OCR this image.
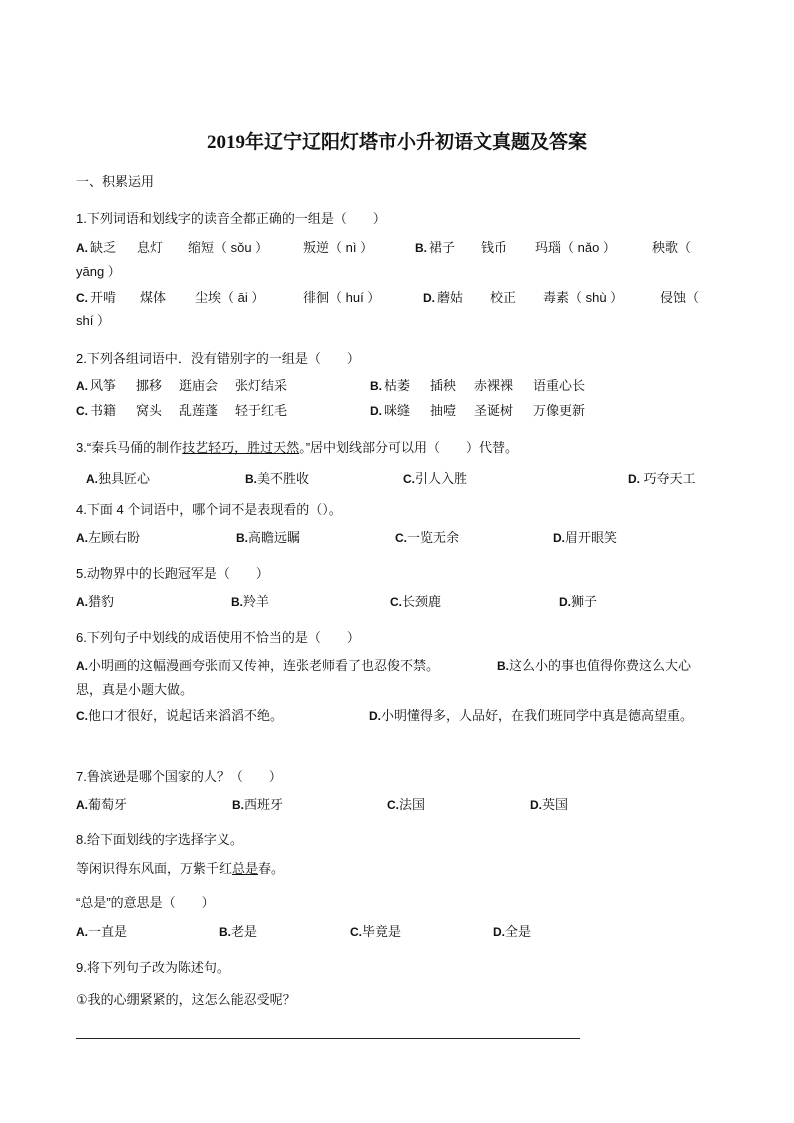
2019年辽宁辽阳灯塔市小升初语文真题及答案
一、积累运用
1.下列词语和划线字的读音全都正确的一组是（　　）
A. 缺乏 息灯 缩短（ sǒu ）	叛逆（ nì ）	B. 裙子 钱币 玛瑙（ nǎo ）	秧歌（
yāng ）
C. 开啃 煤体 尘埃（ āi ）	徘徊（ huí ）	D. 蘑姑 校正 毒素（ shù ）	侵蚀（
shí ）
2.下列各组词语中．没有错别字的一组是（　　）
A. 风筝 挪移 逛庙会 张灯结采	B. 枯萎 插秧 赤裸裸 语重心长
C. 书籍 窝头 乱莲蓬 轻于红毛	D. 咪缝 抽噎 圣诞树 万像更新
3.“秦兵马俑的制作技艺轻巧，胜过天然。”居中划线部分可以用（　　）代替。
A.独具匠心	B.美不胜收	C.引人入胜	D. 巧夺天工
4.下面 4 个词语中，哪个词不是表现看的（）。
A.左顾右盼	B.高瞻远瞩	C.一览无余	D.眉开眼笑
5.动物界中的长跑冠军是（　　）
A.猎豹	B.羚羊	C.长颈鹿	D.狮子
6.下列句子中划线的成语使用不恰当的是（　　）
A.小明画的这幅漫画夸张而又传神，连张老师看了也忍俊不禁。	B.这么小的事也值得你费这么大心
思，真是小题大做。
C.他口才很好，说起话来滔滔不绝。	D.小明懂得多，人品好，在我们班同学中真是德高望重。
7.鲁滨逊是哪个国家的人？（　　）
A.葡萄牙	B.西班牙	C.法国	D.英国
8.给下面划线的字选择字义。
等闲识得东风面，万紫千红总是春。
“总是”的意思是（　　）
A.一直是	B.老是	C.毕竟是	D.全是
9.将下列句子改为陈述句。
①我的心绷紧紧的，这怎么能忍受呢？
